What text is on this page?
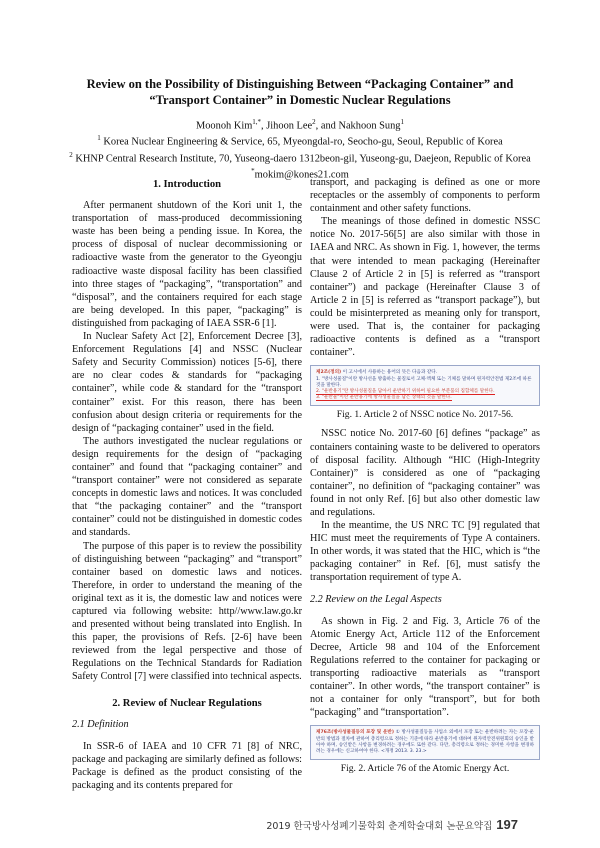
Review on the Possibility of Distinguishing Between “Packaging Container” and
“Transport Container” in Domestic Nuclear Regulations
Moonoh Kim$^{1,*}$, Jihoon Lee$^2$, and Nakhoon Sung$^1$
$^1$ Korea Nuclear Engineering & Service, 65, Myeongdal-ro, Seocho-gu, Seoul, Republic of Korea
$^2$ KHNP Central Research Institute, 70, Yuseong-daero 1312beon-gil, Yuseong-gu, Daejeon, Republic of Korea
*mokim@kones21.com
1. Introduction

After permanent shutdown of the Kori unit 1, the transportation of mass-produced decommissioning waste has been being a pending issue. In Korea, the process of disposal of nuclear decommissioning or radioactive waste from the generator to the Gyeongju radioactive waste disposal facility has been classified into three stages of “packaging”, “transportation” and “disposal”, and the containers required for each stage are being developed. In this paper, “packaging” is distinguished from packaging of IAEA SSR-6 [1].

In Nuclear Safety Act [2], Enforcement Decree [3], Enforcement Regulations [4] and NSSC (Nuclear Safety and Security Commission) notices [5-6], there are no clear codes & standards for “packaging container”, while code & standard for the “transport container” exist. For this reason, there has been confusion about design criteria or requirements for the design of “packaging container” used in the field.

The authors investigated the nuclear regulations or design requirements for the design of “packaging container” and found that “packaging container” and “transport container” were not considered as separate concepts in domestic laws and notices. It was concluded that “the packaging container” and the “transport container” could not be distinguished in domestic codes and standards.

The purpose of this paper is to review the possibility of distinguishing between “packaging” and “transport” container based on domestic laws and notices. Therefore, in order to understand the meaning of the original text as it is, the domestic law and notices were captured via following website: http//www.law.go.kr and presented without being translated into English. In this paper, the provisions of Refs. [2-6] have been reviewed from the legal perspective and those of Regulations on the Technical Standards for Radiation Safety Control [7] were classified into technical aspects.

2. Review of Nuclear Regulations
2.1 Definition

In SSR-6 of IAEA and 10 CFR 71 [8] of NRC, package and packaging are similarly defined as follows: Package is defined as the product consisting of the packaging and its contents prepared for

transport, and packaging is defined as one or more receptacles or the assembly of components to perform containment and other safety functions.

The meanings of those defined in domestic NSSC notice No. 2017-56[5] are also similar with those in IAEA and NRC. As shown in Fig. 1, however, the terms that were intended to mean packaging (Hereinafter Clause 2 of Article 2 in [5] is referred as “transport container”) and package (Hereinafter Clause 3 of Article 2 in [5] is referred as “transport package”), but could be misinterpreted as meaning only for transport, were used. That is, the container for packaging radioactive contents is defined as a “transport container”.

제2조(정의) 이 고시에서 사용하는 용어의 뜻은 다음과 같다.
1. "방사성물질"이란 방사선을 방출하는 물질로서 고체·액체 또는 기체를 말하며 원자력안전법 제2조에 따른
것을 말한다.
2. "운반용기"란 방사성물질을 담아서 운반하기 위하여 필요한 부분품의 집합체를 말한다.
3. "운반물"이란 운반용기에 방사성물질을 담은 상태의 것을 말한다.
Fig. 1. Article 2 of NSSC notice No. 2017-56.

NSSC notice No. 2017-60 [6] defines “package” as containers containing waste to be delivered to operators of disposal facility. Although “HIC (High-Integrity Container)” is considered as one of “packaging container”, no definition of “packaging container” was found in not only Ref. [6] but also other domestic law and regulations.

In the meantime, the US NRC TC [9] regulated that HIC must meet the requirements of Type A containers. In other words, it was stated that the HIC, which is “the packaging container” in Ref. [6], must satisfy the transportation requirement of type A.

2.2 Review on the Legal Aspects

As shown in Fig. 2 and Fig. 3, Article 76 of the Atomic Energy Act, Article 112 of the Enforcement Decree, Article 98 and 104 of the Enforcement Regulations referred to the container for packaging or transporting radioactive materials as “transport container”. In other words, “the transport container” is not a container for only “transport”, but for both “packaging” and “transportation”.

제76조(방사성물질등의 포장 및 운반) ① 방사성물질등을 사업소 외에서 포장 또는 운반하려는 자는 포장·운반의 방법과 절차에 관하여 총리령으로 정하는 기준에 따라 운반용기에 대하여 원자력안전위원회의 승인을 받아야 하며, 승인받은 사항을 변경하려는 경우에도 또한 같다. 다만, 총리령으로 정하는 경미한 사항을 변경하려는 경우에는 신고하여야 한다. <개정 2013. 3. 23.>
Fig. 2. Article 76 of the Atomic Energy Act.
2019 한국방사성폐기물학회 춘계학술대회 논문요약집 197
